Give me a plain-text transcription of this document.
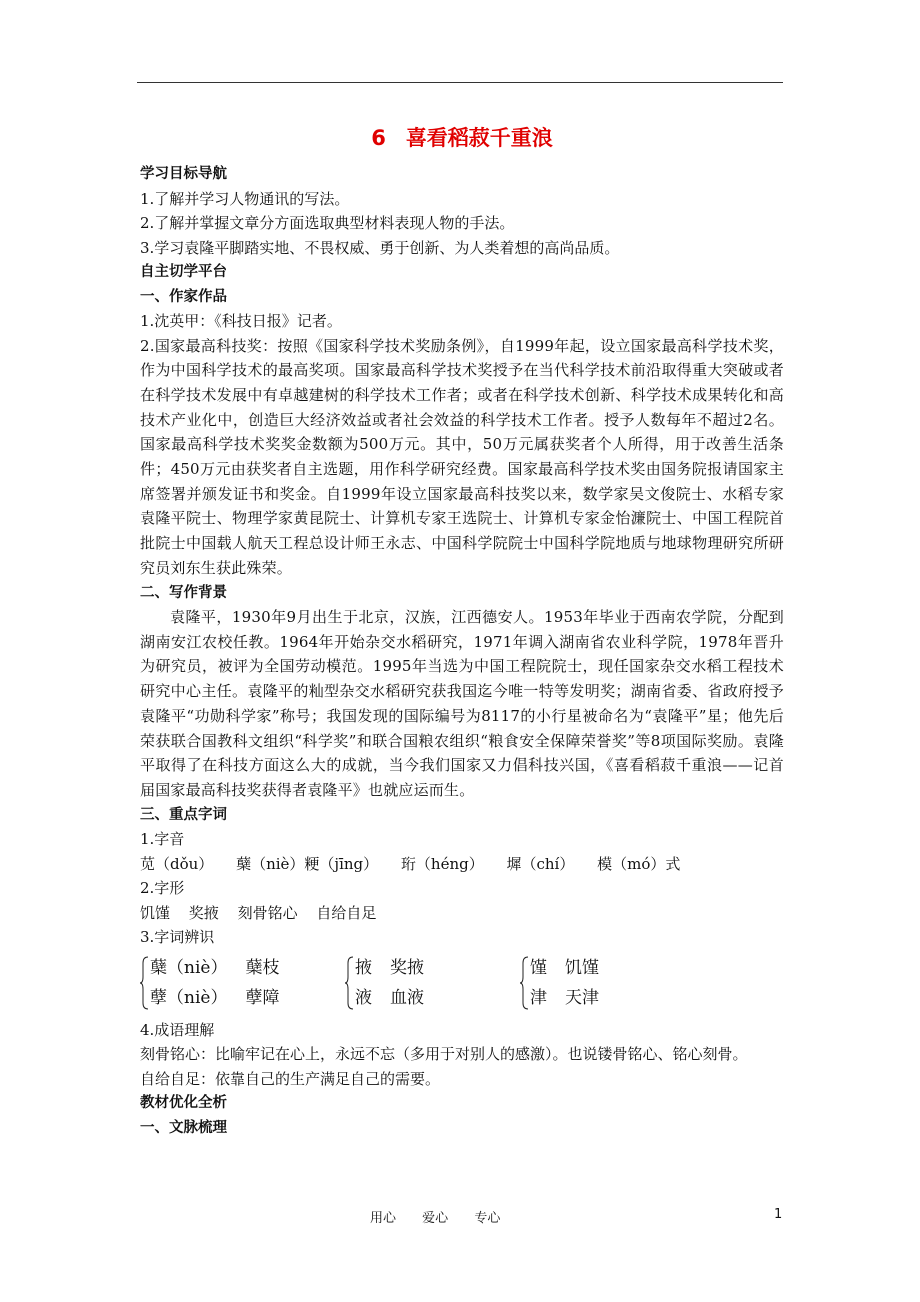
6 喜看稻菽千重浪
学习目标导航
1.了解并学习人物通讯的写法。
2.了解并掌握文章分方面选取典型材料表现人物的手法。
3.学习袁隆平脚踏实地、不畏权威、勇于创新、为人类着想的高尚品质。
自主切学平台
一、作家作品
1.沈英甲：《科技日报》记者。
2.国家最高科技奖：按照《国家科学技术奖励条例》，自1999年起，设立国家最高科学技术奖，作为中国科学技术的最高奖项。国家最高科学技术奖授予在当代科学技术前沿取得重大突破或者在科学技术发展中有卓越建树的科学技术工作者；或者在科学技术创新、科学技术成果转化和高技术产业化中，创造巨大经济效益或者社会效益的科学技术工作者。授予人数每年不超过2名。国家最高科学技术奖奖金数额为500万元。其中，50万元属获奖者个人所得，用于改善生活条件；450万元由获奖者自主选题，用作科学研究经费。国家最高科学技术奖由国务院报请国家主席签署并颁发证书和奖金。自1999年设立国家最高科技奖以来，数学家吴文俊院士、水稻专家袁隆平院士、物理学家黄昆院士、计算机专家王选院士、计算机专家金怡濂院士、中国工程院首批院士中国载人航天工程总设计师王永志、中国科学院院士中国科学院地质与地球物理研究所研究员刘东生获此殊荣。
二、写作背景
袁隆平，1930年9月出生于北京，汉族，江西德安人。1953年毕业于西南农学院，分配到湖南安江农校任教。1964年开始杂交水稻研究，1971年调入湖南省农业科学院，1978年晋升为研究员，被评为全国劳动模范。1995年当选为中国工程院院士，现任国家杂交水稻工程技术研究中心主任。袁隆平的籼型杂交水稻研究获我国迄今唯一特等发明奖；湖南省委、省政府授予袁隆平“功勋科学家”称号；我国发现的国际编号为8117的小行星被命名为“袁隆平”星；他先后荣获联合国教科文组织“科学奖”和联合国粮农组织“粮食安全保障荣誉奖”等8项国际奖励。袁隆平取得了在科技方面这么大的成就，当今我们国家又力倡科技兴国，《喜看稻菽千重浪——记首届国家最高科技奖获得者袁隆平》也就应运而生。
三、重点字词
1.字音
苋（dǒu） 蘖（niè）粳（jīng） 珩（héng） 墀（chí） 模（mó）式
2.字形
饥馑 奖掖 刻骨铭心 自给自足
3.字词辨识
蘖（niè） 蘖枝
孽（niè） 孽障
掖 奖掖
液 血液
馑 饥馑
津 天津
4.成语理解
刻骨铭心：比喻牢记在心上，永远不忘（多用于对别人的感激）。也说镂骨铭心、铭心刻骨。
自给自足：依靠自己的生产满足自己的需要。
教材优化全析
一、文脉梳理
用心 爱心 专心	1
